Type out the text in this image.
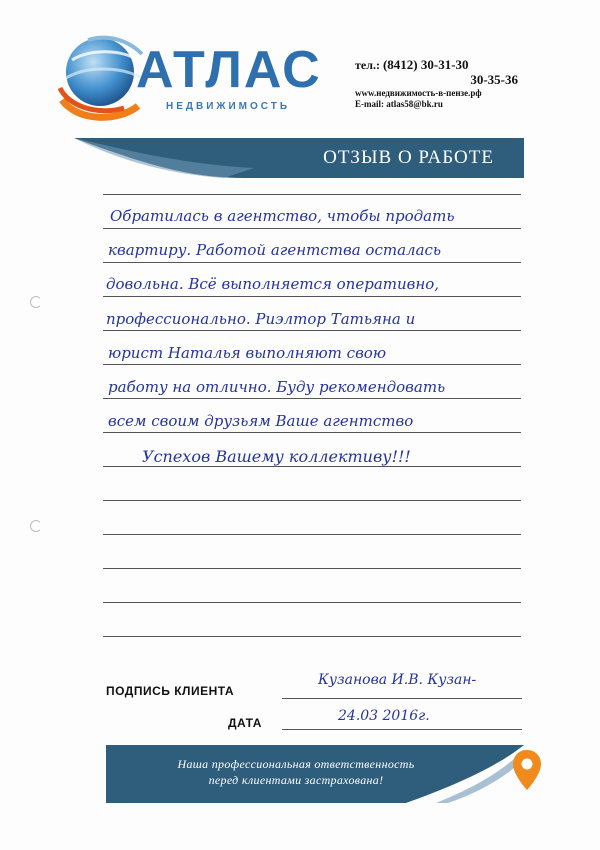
АТЛАС
НЕДВИЖИМОСТЬ
тел.: (8412) 30-31-30
30-35-36
www.недвижимость-в-пензе.рф
E-mail: atlas58@bk.ru
ОТЗЫВ О РАБОТЕ
Обратилась в агентство, чтобы продать
квартиру. Работой агентства осталась
довольна. Всё выполняется оперативно,
профессионально. Риэлтор Татьяна и
юрист Наталья выполняют свою
работу на отлично. Буду рекомендовать
всем своим друзьям Ваше агентство
Успехов Вашему коллективу!!!
ПОДПИСЬ КЛИЕНТА
Кузанова И.В. Кузан-
ДАТА	24.03 2016г.
Наша профессиональная ответственность
перед клиентами застрахована!
